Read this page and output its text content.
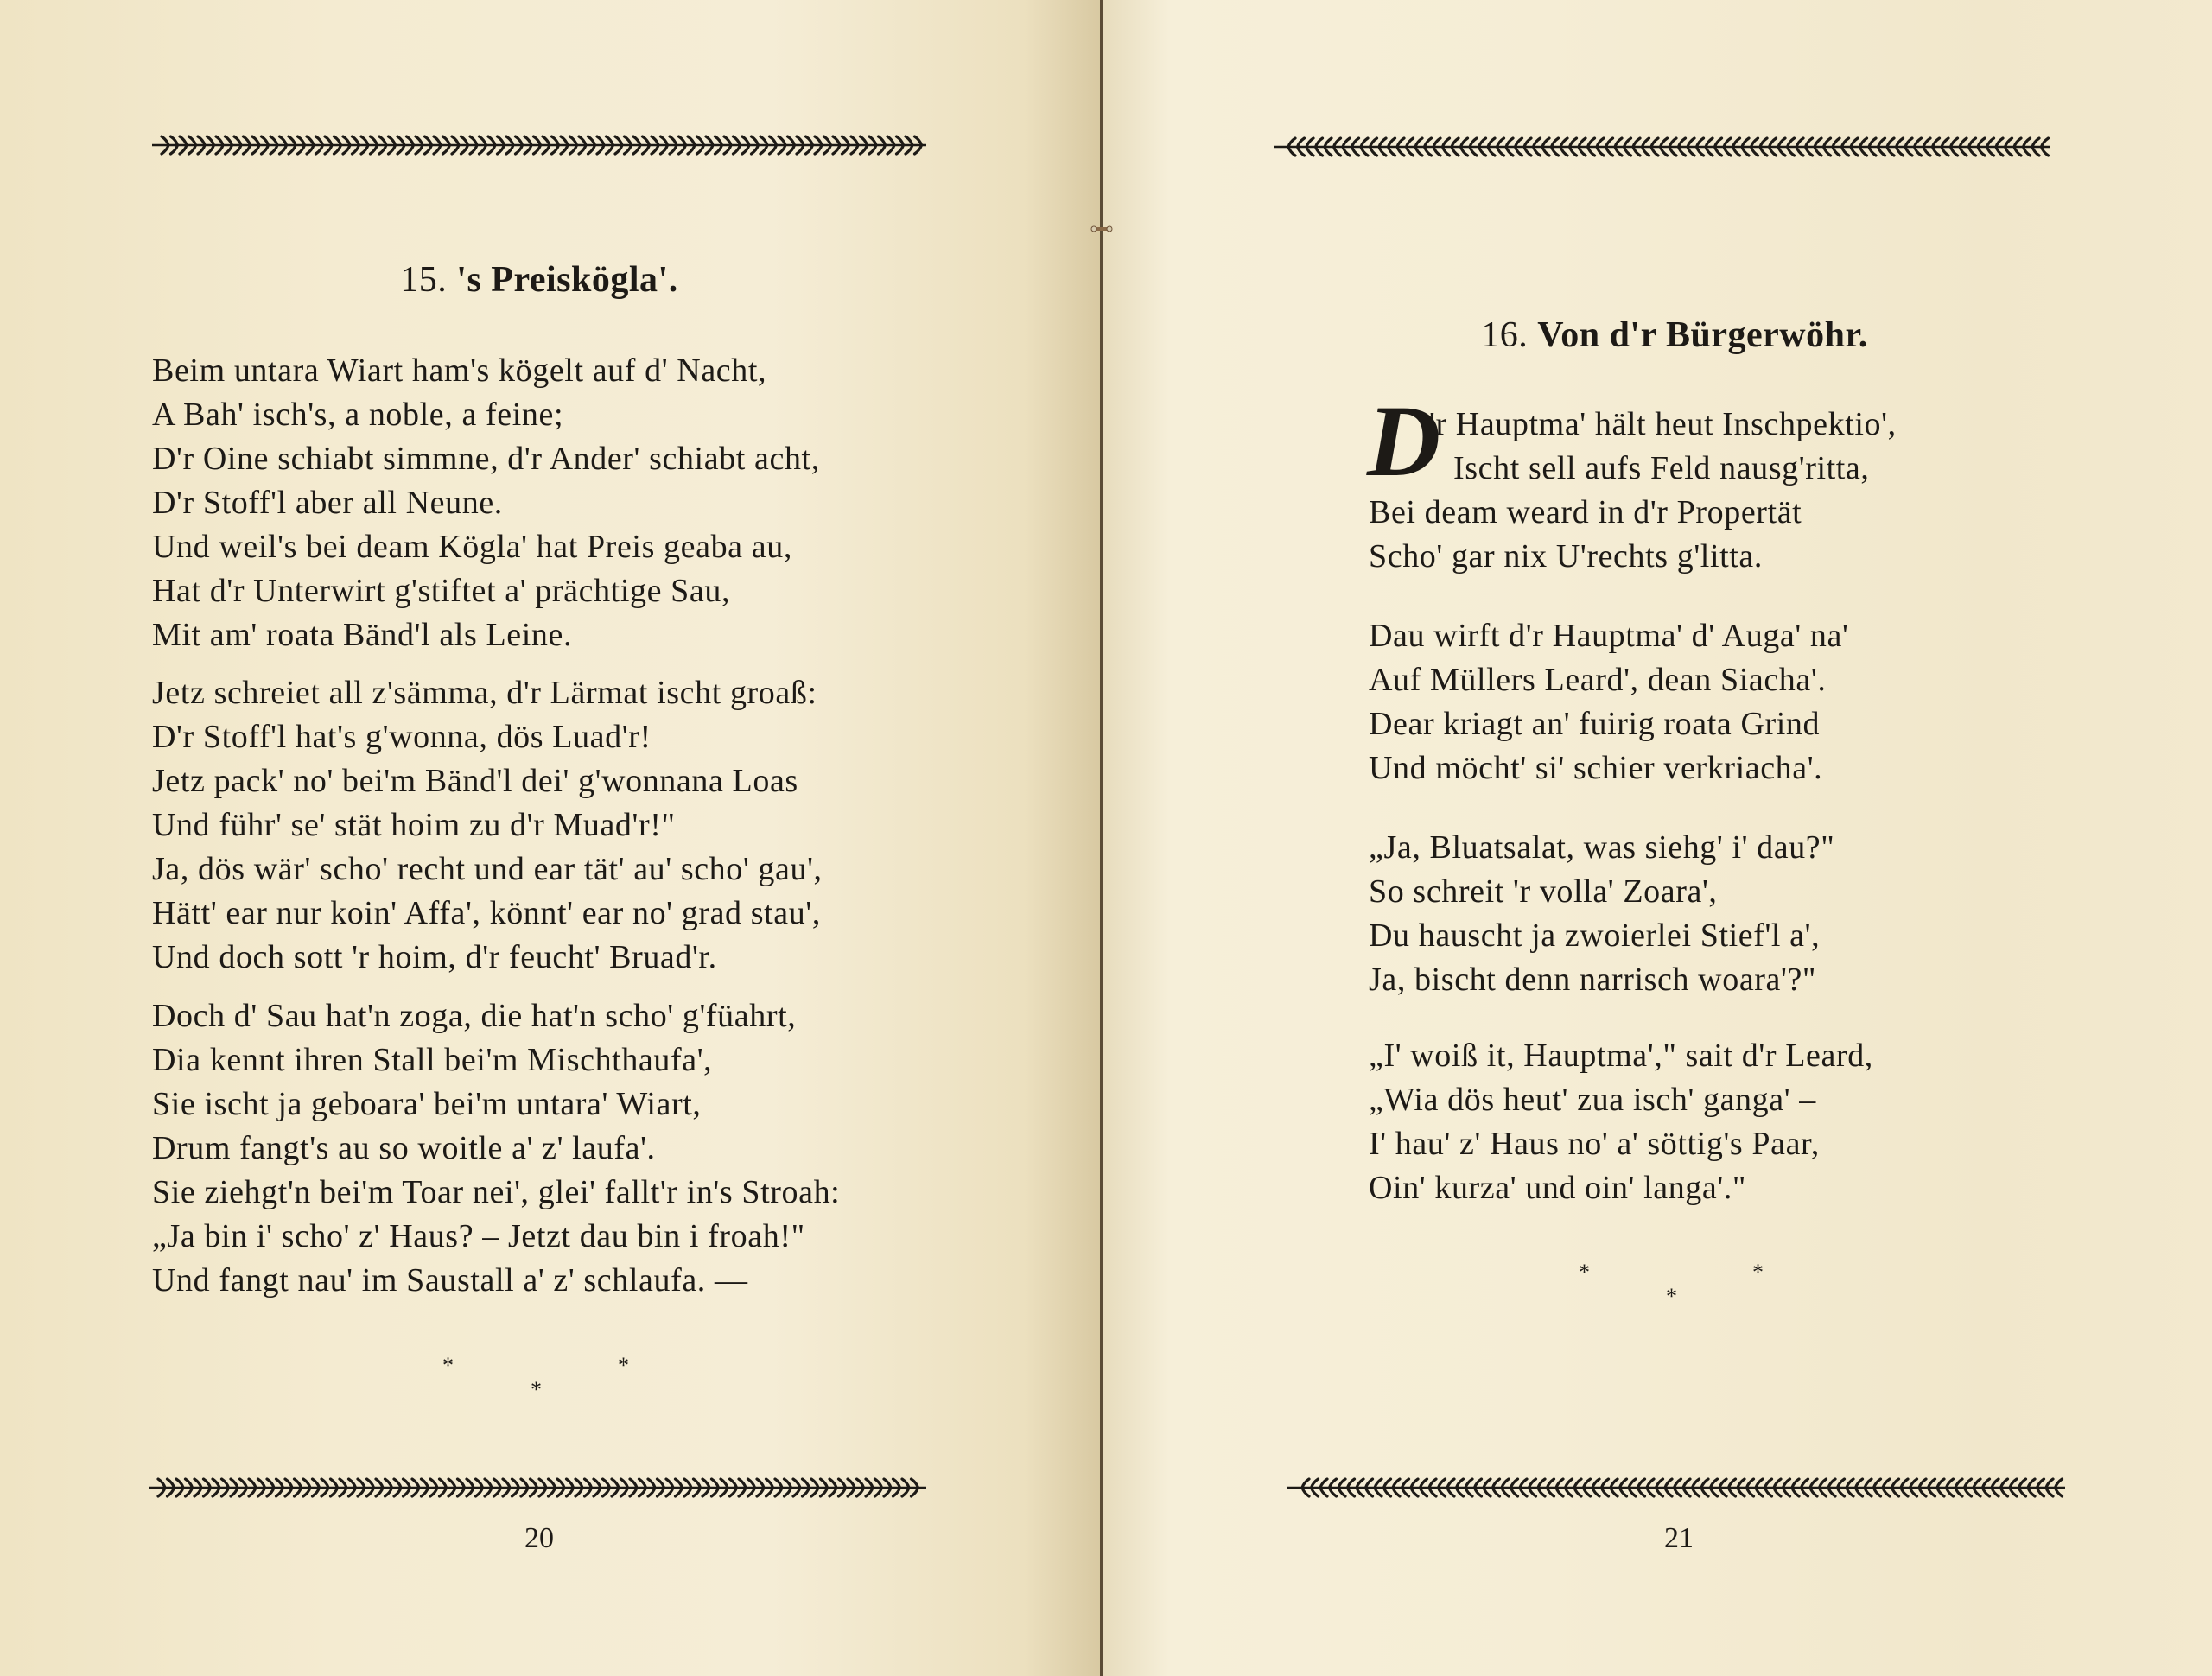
15. 's Preiskögla'.
Beim untara Wiart ham's kögelt auf d' Nacht,
A Bah' isch's, a noble, a feine;
D'r Oine schiabt simmne, d'r Ander' schiabt acht,
D'r Stoff'l aber all Neune.
Und weil's bei deam Kögla' hat Preis geaba au,
Hat d'r Unterwirt g'stiftet a' prächtige Sau,
Mit am' roata Bänd'l als Leine.
Jetz schreiet all z'sämma, d'r Lärmat ischt groaß:
D'r Stoff'l hat's g'wonna, dös Luad'r!
Jetz pack' no' bei'm Bänd'l dei' g'wonnana Loas
Und führ' se' stät hoim zu d'r Muad'r!"
Ja, dös wär' scho' recht und ear tät' au' scho' gau',
Hätt' ear nur koin' Affa', könnt' ear no' grad stau',
Und doch sott 'r hoim, d'r feucht' Bruad'r.
Doch d' Sau hat'n zoga, die hat'n scho' g'füahrt,
Dia kennt ihren Stall bei'm Mischthaufa',
Sie ischt ja geboara' bei'm untara' Wiart,
Drum fangt's au so woitle a' z' laufa'.
Sie ziehgt'n bei'm Toar nei', glei' fallt'r in's Stroah:
„Ja bin i' scho' z' Haus? – Jetzt dau bin i froah!"
Und fangt nau' im Saustall a' z' schlaufa. —
*	*
*
20
16. Von d'r Bürgerwöhr.
D
'r Hauptma' hält heut Inschpektio',
Ischt sell aufs Feld nausg'ritta,
Bei deam weard in d'r Propertät
Scho' gar nix U'rechts g'litta.
Dau wirft d'r Hauptma' d' Auga' na'
Auf Müllers Leard', dean Siacha'.
Dear kriagt an' fuirig roata Grind
Und möcht' si' schier verkriacha'.
„Ja, Bluatsalat, was siehg' i' dau?"
So schreit 'r volla' Zoara',
Du hauscht ja zwoierlei Stief'l a',
Ja, bischt denn narrisch woara'?"
„I' woiß it, Hauptma'," sait d'r Leard,
„Wia dös heut' zua isch' ganga' –
I' hau' z' Haus no' a' söttig's Paar,
Oin' kurza' und oin' langa'."
*	*
*
21
